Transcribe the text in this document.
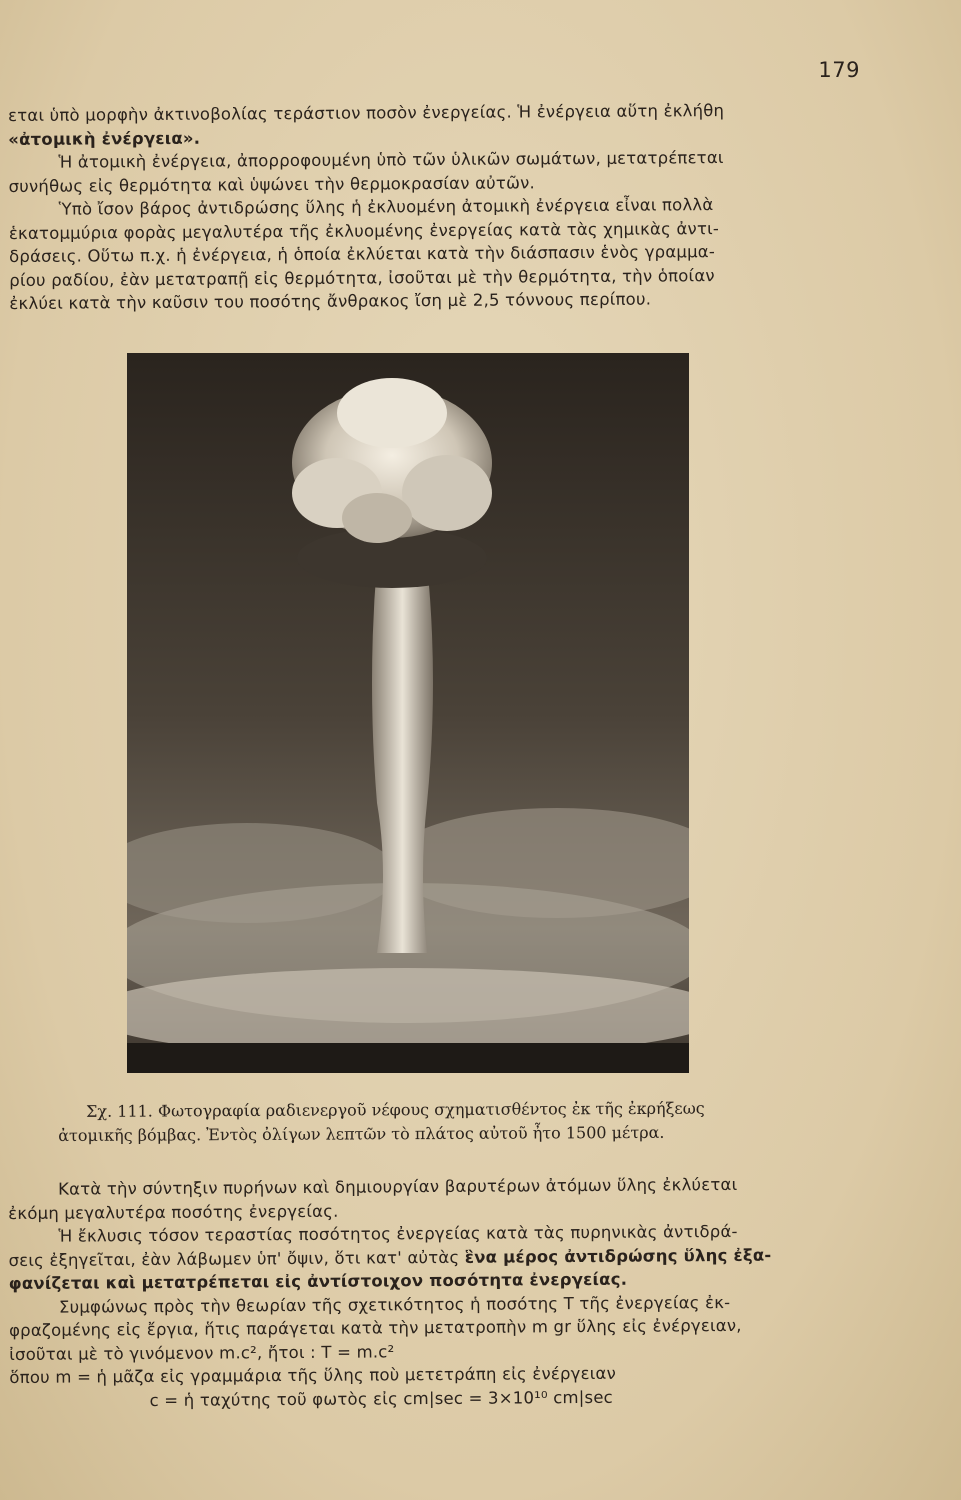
179

εται ὑπὸ μορφὴν ἀκτινοβολίας τεράστιον ποσὸν ἐνεργείας. Ἡ ἐνέργεια αὕτη ἐκλήθη

«ἀτομικὴ ἐνέργεια».

Ἡ ἀτομικὴ ἐνέργεια, ἀπορροφουμένη ὑπὸ τῶν ὑλικῶν σωμάτων, μετατρέπεται

συνήθως εἰς θερμότητα καὶ ὑψώνει τὴν θερμοκρασίαν αὐτῶν.

Ὑπὸ ἴσον βάρος ἀντιδρώσης ὕλης ἡ ἐκλυομένη ἀτομικὴ ἐνέργεια εἶναι πολλὰ

ἑκατομμύρια φορὰς μεγαλυτέρα τῆς ἐκλυομένης ἐνεργείας κατὰ τὰς χημικὰς ἀντι-

δράσεις. Οὕτω π.χ. ἡ ἐνέργεια, ἡ ὁποία ἐκλύεται κατὰ τὴν διάσπασιν ἑνὸς γραμμα-

ρίου ραδίου, ἐὰν μετατραπῇ εἰς θερμότητα, ἰσοῦται μὲ τὴν θερμότητα, τὴν ὁποίαν

ἐκλύει κατὰ τὴν καῦσιν του ποσότης ἄνθρακος ἴση μὲ 2,5 τόννους περίπου.

Σχ. 111. Φωτογραφία ραδιενεργοῦ νέφους σχηματισθέντος ἐκ τῆς ἐκρήξεως

ἀτομικῆς βόμβας. Ἐντὸς ὀλίγων λεπτῶν τὸ πλάτος αὐτοῦ ἦτο 1500 μέτρα.

Κατὰ τὴν σύντηξιν πυρήνων καὶ δημιουργίαν βαρυτέρων ἀτόμων ὕλης ἐκλύεται

ἐκόμη μεγαλυτέρα ποσότης ἐνεργείας.

Ἡ ἔκλυσις τόσον τεραστίας ποσότητος ἐνεργείας κατὰ τὰς πυρηνικὰς ἀντιδρά-

σεις ἐξηγεῖται, ἐὰν λάβωμεν ὑπ' ὄψιν, ὅτι κατ' αὐτὰς ἓνα μέρος ἀντιδρώσης ὕλης ἐξα-

φανίζεται καὶ μετατρέπεται εἰς ἀντίστοιχον ποσότητα ἐνεργείας.

Συμφώνως πρὸς τὴν θεωρίαν τῆς σχετικότητος ἡ ποσότης Τ τῆς ἐνεργείας ἐκ-

φραζομένης εἰς ἔργια, ἥτις παράγεται κατὰ τὴν μετατροπὴν m gr ὕλης εἰς ἐνέργειαν,

ἰσοῦται μὲ τὸ γινόμενον m.c², ἤτοι : T = m.c²

ὅπου m = ἡ μᾶζα εἰς γραμμάρια τῆς ὕλης ποὺ μετετράπη εἰς ἐνέργειαν

c = ἡ ταχύτης τοῦ φωτὸς εἰς cm|sec = 3×10¹⁰ cm|sec
